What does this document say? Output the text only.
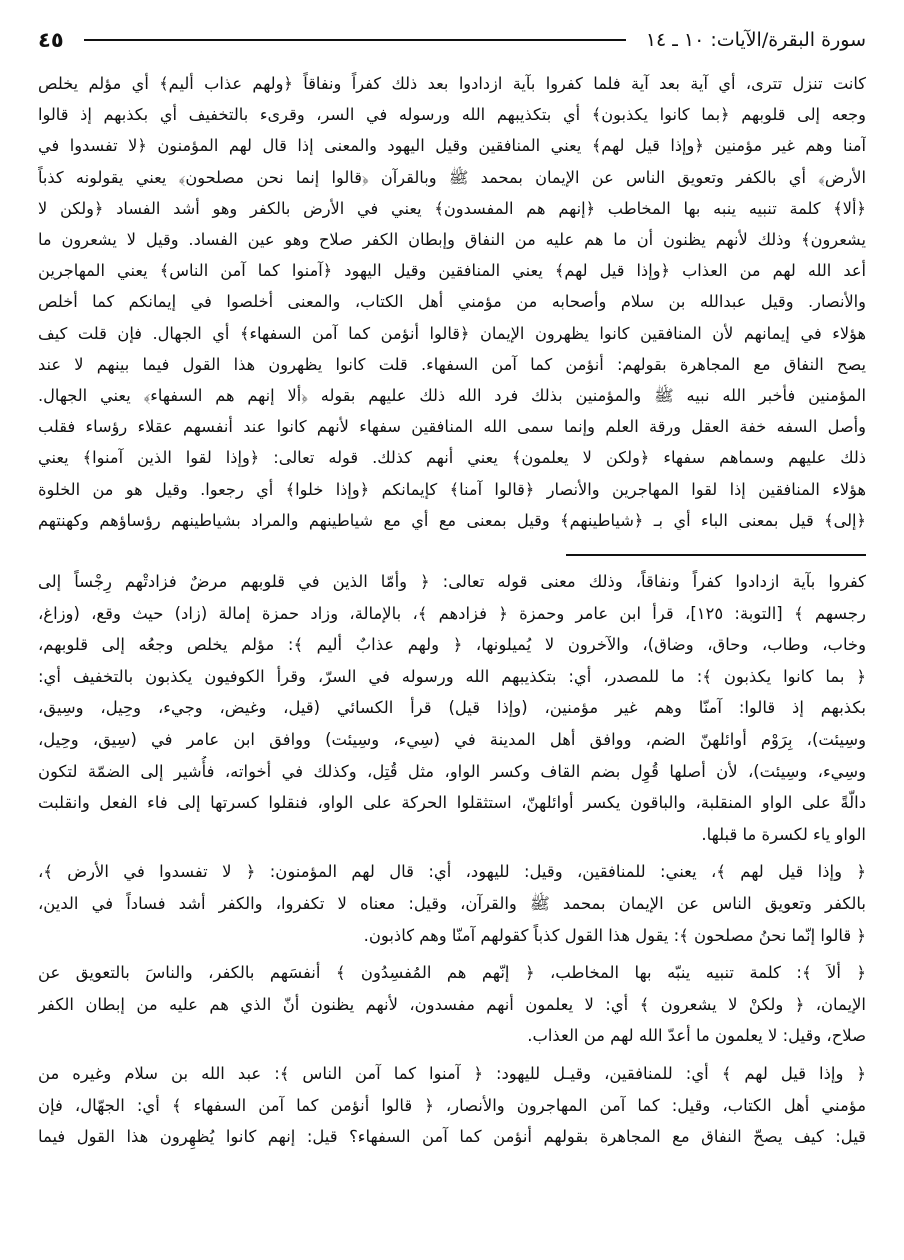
سورة البقرة/الآيات: ١٠ ـ ١٤
٤٥
كانت تنزل تترى، أي آية بعد آية فلما كفروا بآية ازدادوا بعد ذلك كفراً ونفاقاً ﴿ولهم عذاب أليم﴾ أي مؤلم يخلص
وجعه إلى قلوبهم ﴿بما كانوا يكذبون﴾ أي بتكذيبهم الله ورسوله في السر، وقرىء بالتخفيف أي بكذبهم إذ قالوا
آمنا وهم غير مؤمنين ﴿وإذا قيل لهم﴾ يعني المنافقين وقيل اليهود والمعنى إذا قال لهم المؤمنون ﴿لا تفسدوا في
الأرض﴾ أي بالكفر وتعويق الناس عن الإيمان بمحمد ﷺ وبالقرآن ﴿قالوا إنما نحن مصلحون﴾ يعني يقولونه كذباً
﴿ألا﴾ كلمة تنبيه ينبه بها المخاطب ﴿إنهم هم المفسدون﴾ يعني في الأرض بالكفر وهو أشد الفساد ﴿ولكن لا
يشعرون﴾ وذلك لأنهم يظنون أن ما هم عليه من النفاق وإبطان الكفر صلاح وهو عين الفساد. وقيل لا يشعرون ما
أعد الله لهم من العذاب ﴿وإذا قيل لهم﴾ يعني المنافقين وقيل اليهود ﴿آمنوا كما آمن الناس﴾ يعني المهاجرين
والأنصار. وقيل عبدالله بن سلام وأصحابه من مؤمني أهل الكتاب، والمعنى أخلصوا في إيمانكم كما أخلص
هؤلاء في إيمانهم لأن المنافقين كانوا يظهرون الإيمان ﴿قالوا أنؤمن كما آمن السفهاء﴾ أي الجهال. فإن قلت كيف
يصح النفاق مع المجاهرة بقولهم: أنؤمن كما آمن السفهاء. قلت كانوا يظهرون هذا القول فيما بينهم لا عند
المؤمنين فأخبر الله نبيه ﷺ والمؤمنين بذلك فرد الله ذلك عليهم بقوله ﴿ألا إنهم هم السفهاء﴾ يعني الجهال.
وأصل السفه خفة العقل ورقة العلم وإنما سمى الله المنافقين سفهاء لأنهم كانوا عند أنفسهم عقلاء رؤساء فقلب
ذلك عليهم وسماهم سفهاء ﴿ولكن لا يعلمون﴾ يعني أنهم كذلك. قوله تعالى: ﴿وإذا لقوا الذين آمنوا﴾ يعني
هؤلاء المنافقين إذا لقوا المهاجرين والأنصار ﴿قالوا آمنا﴾ كإيمانكم ﴿وإذا خلوا﴾ أي رجعوا. وقيل هو من الخلوة
﴿إلى﴾ قيل بمعنى الباء أي بـ ﴿شياطينهم﴾ وقيل بمعنى مع أي مع شياطينهم والمراد بشياطينهم رؤساؤهم وكهنتهم
كفروا بآية ازدادوا كفراً ونفاقاً، وذلك معنى قوله تعالى: ﴿ وأمّا الذين في قلوبهم مرضٌ فزادتْهم رِجْساً إلى
رجسهم ﴾ [التوبة: ١٢٥]، قرأ ابن عامر وحمزة ﴿ فزادهم ﴾، بالإمالة، وزاد حمزة إمالة (زاد) حيث وقع، (وزاغ،
وخاب، وطاب، وحاق، وضاق)، والآخرون لا يُميلونها، ﴿ ولهم عذابٌ أليم ﴾: مؤلم يخلص وجعُه إلى قلوبهم،
﴿ بما كانوا يكذبون ﴾: ما للمصدر، أي: بتكذيبهم الله ورسوله في السرّ، وقرأ الكوفيون يكذبون بالتخفيف أي:
بكذبهم إذ قالوا: آمنّا وهم غير مؤمنين، (وإذا قيل) قرأ الكسائي (قيل، وغيض، وجيء، وحِيل، وسِيق،
وسِيئت)، بِرَوْم أوائلهنّ الضم، ووافق أهل المدينة في (سِيء، وسِيئت) ووافق ابن عامر في (سِيق، وحِيل،
وسِيء، وسِيئت)، لأن أصلها قُوِل بضم القاف وكسر الواو، مثل قُتِل، وكذلك في أخواته، فأُشير إلى الضمّة لتكون
دالّةً على الواو المنقلبة، والباقون يكسر أوائلهنّ، استثقلوا الحركة على الواو، فنقلوا كسرتها إلى فاء الفعل وانقلبت
الواو ياء لكسرة ما قبلها.
﴿ وإذا قيل لهم ﴾، يعني: للمنافقين، وقيل: لليهود، أي: قال لهم المؤمنون: ﴿ لا تفسدوا في الأرض ﴾،
بالكفر وتعويق الناس عن الإيمان بمحمد ﷺ والقرآن، وقيل: معناه لا تكفروا، والكفر أشد فساداً في الدين،
﴿ قالوا إنّما نحنُ مصلحون ﴾: يقول هذا القول كذباً كقولهم آمنّا وهم كاذبون.
﴿ ألاَ ﴾: كلمة تنبيه ينبّه بها المخاطب، ﴿ إنّهم هم المُفسِدُون ﴾ أنفسَهم بالكفر، والناسَ بالتعويق عن
الإيمان، ﴿ ولكنْ لا يشعرون ﴾ أي: لا يعلمون أنهم مفسدون، لأنهم يظنون أنّ الذي هم عليه من إبطان الكفر
صلاح، وقيل: لا يعلمون ما أعدّ الله لهم من العذاب.
﴿ وإذا قيل لهم ﴾ أي: للمنافقين، وقيـل لليهود: ﴿ آمنوا كما آمن الناس ﴾: عبد الله بن سلام وغيره من
مؤمني أهل الكتاب، وقيل: كما آمن المهاجرون والأنصار، ﴿ قالوا أنؤمن كما آمن السفهاء ﴾ أي: الجهّال، فإن
قيل: كيف يصحّ النفاق مع المجاهرة بقولهم أنؤمن كما آمن السفهاء؟ قيل: إنهم كانوا يُظهِرون هذا القول فيما
